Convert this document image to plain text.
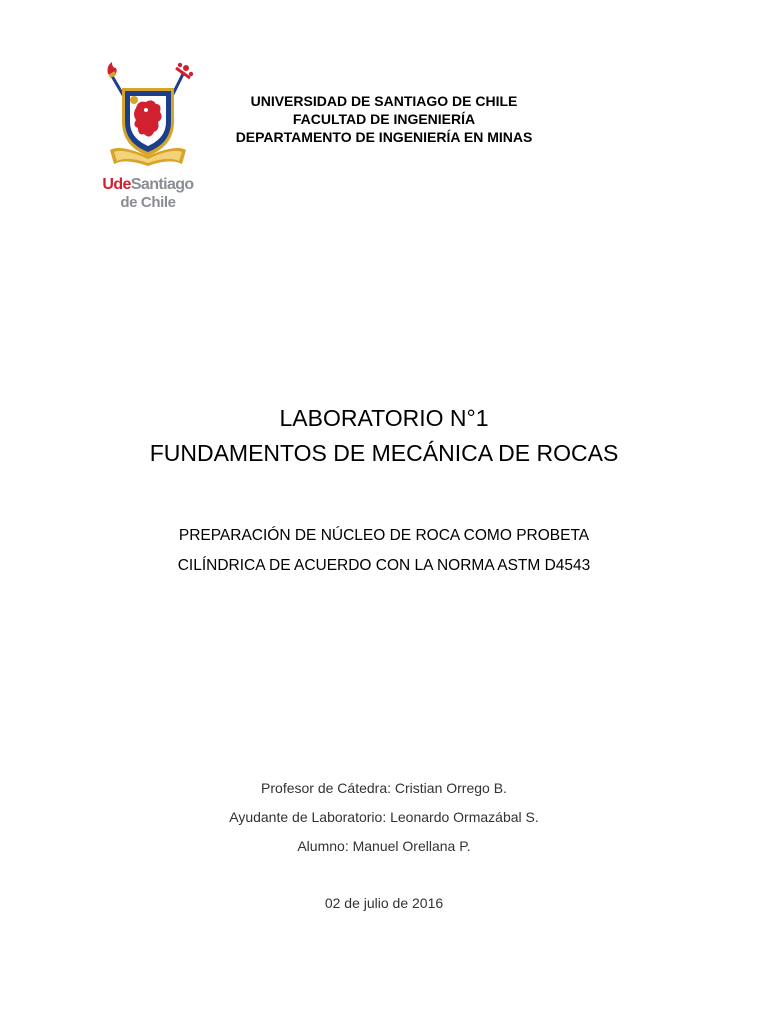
UdeSantiago
de Chile
UNIVERSIDAD DE SANTIAGO DE CHILE
FACULTAD DE INGENIERÍA
DEPARTAMENTO DE INGENIERÍA EN MINAS
LABORATORIO N°1
FUNDAMENTOS DE MECÁNICA DE ROCAS
PREPARACIÓN DE NÚCLEO DE ROCA COMO PROBETA
CILÍNDRICA DE ACUERDO CON LA NORMA ASTM D4543
Profesor de Cátedra: Cristian Orrego B.
Ayudante de Laboratorio: Leonardo Ormazábal S.
Alumno: Manuel Orellana P.
02 de julio de 2016
